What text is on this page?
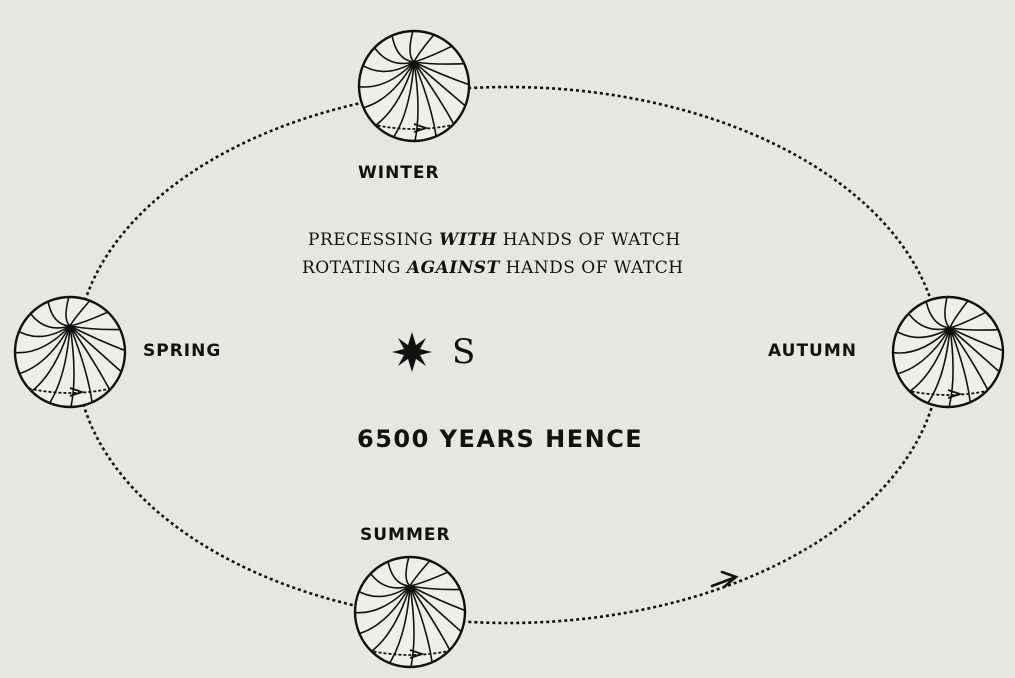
WINTER
SPRING	AUTUMN
SUMMER
PRECESSING WITH HANDS OF WATCH
ROTATING AGAINST HANDS OF WATCH
S
6500 YEARS HENCE
